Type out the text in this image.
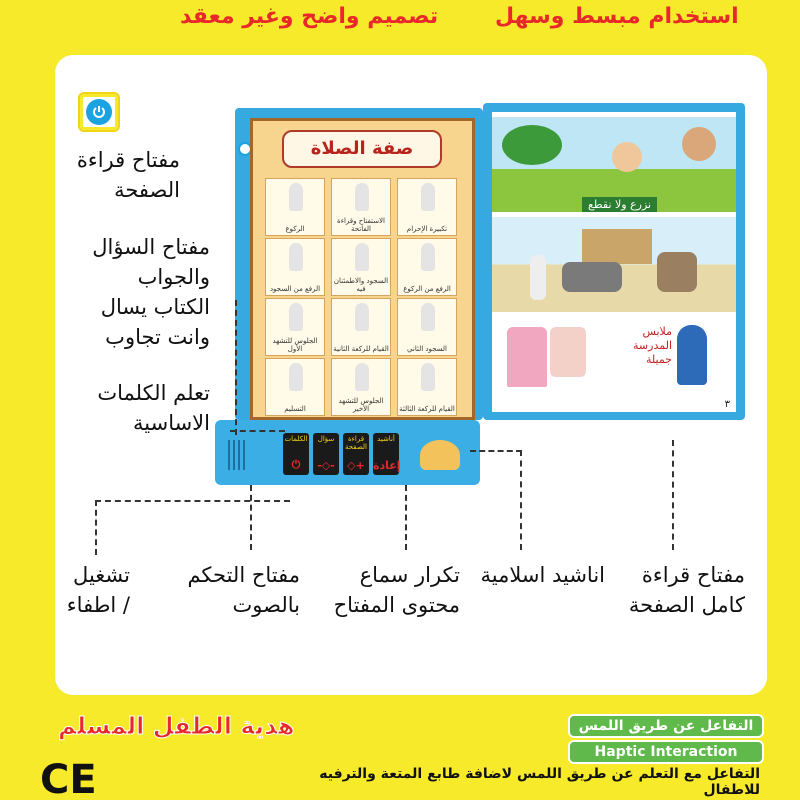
تصميم واضح وغير معقد	استخدام مبسط وسهل
مفتاح قراءة
الصفحة
مفتاح السؤال
والجواب
الكتاب يسال
وانت تجاوب
تعلم الكلمات
الاساسية
صفة الصلاة
تكبيرة الإحرام
الاستفتاح وقراءة الفاتحة
الركوع
الرفع من الركوع
السجود والاطمئنان فيه
الرفع من السجود
السجود الثاني
القيام للركعة الثانية
الجلوس للتشهد الأول
القيام للركعة الثالثة
الجلوس للتشهد الأخير
التسليم
نزرع ولا نقطع
ملابس المدرسة جميلة
٣
الكلمات
⏻
سؤال
-◇-
قراءة الصفحة
◇+
أناشيد
إعادة
تشغيل
/ اطفاء
مفتاح التحكم
بالصوت
تكرار سماع
محتوى المفتاح
اناشيد اسلامية	مفتاح قراءة
كامل الصفحة
هدية الطفل المسلم
CE
التفاعل عن طريق اللمس
Haptic Interaction
التفاعل مع التعلم عن طريق اللمس لاضافة طابع المتعة والترفيه للاطفال
